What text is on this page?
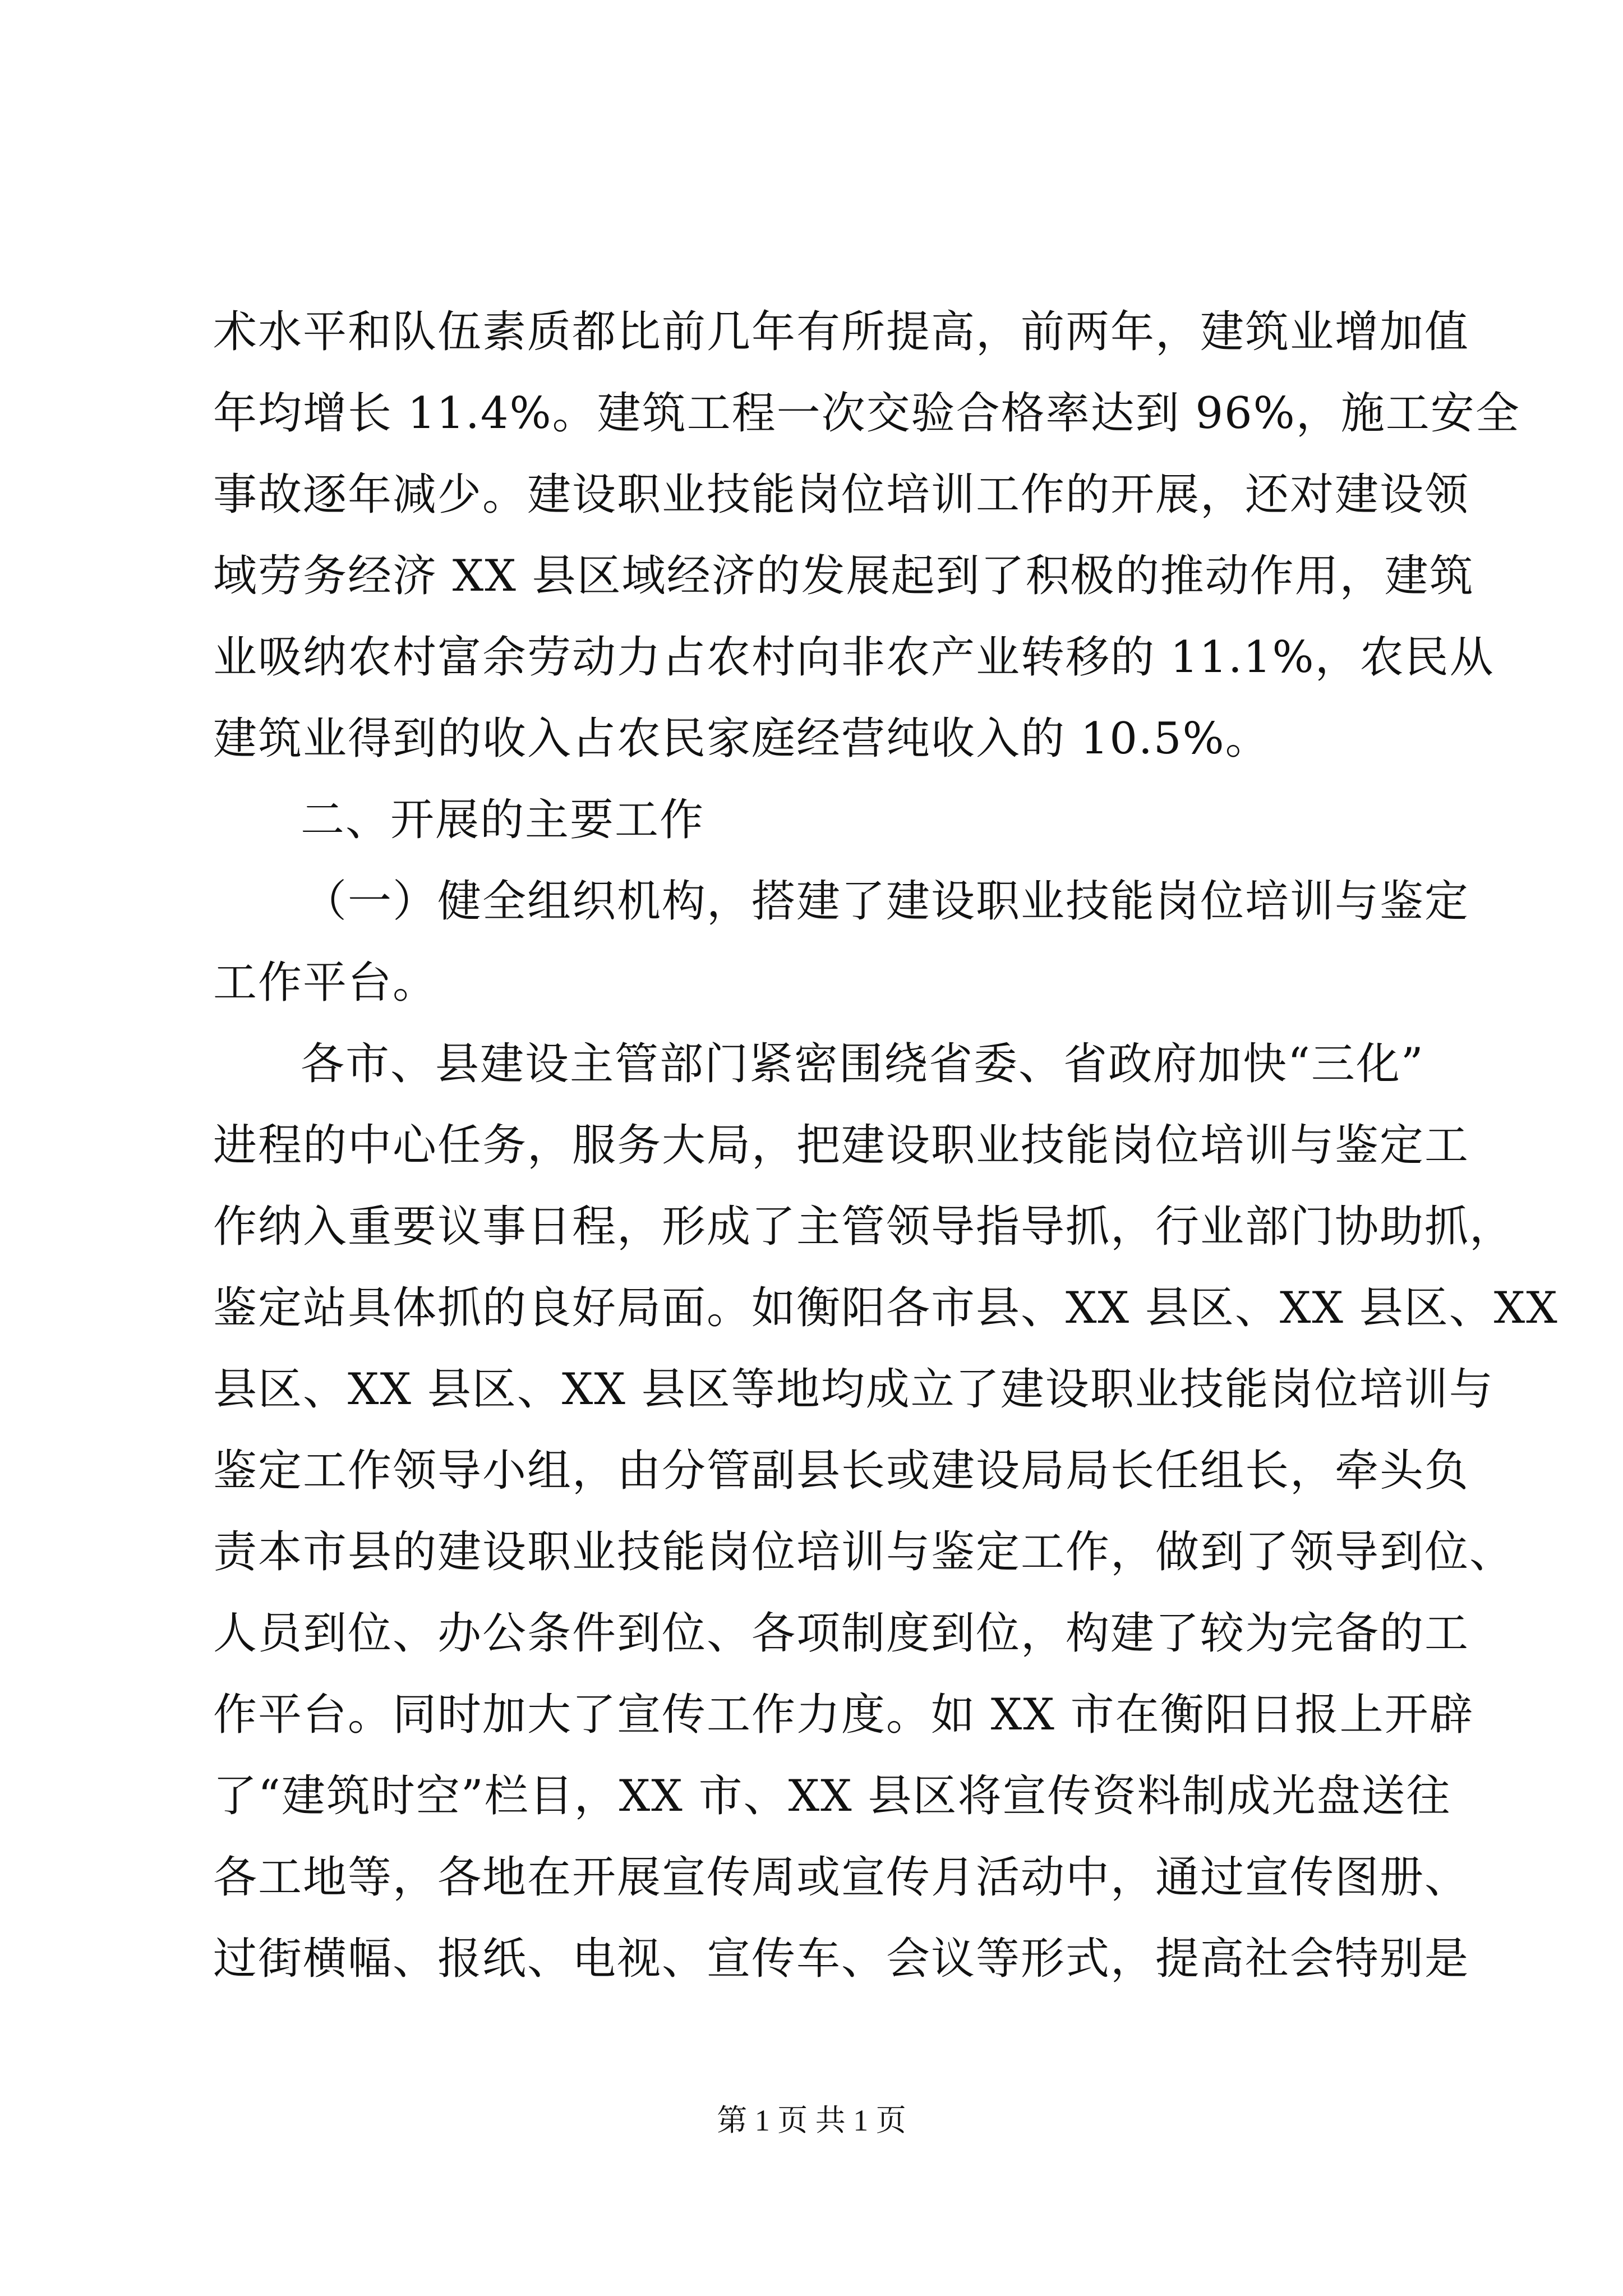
术水平和队伍素质都比前几年有所提高，前两年，建筑业增加值
年均增长 11.4%。建筑工程一次交验合格率达到 96%，施工安全
事故逐年减少。建设职业技能岗位培训工作的开展，还对建设领
域劳务经济 XX 县区域经济的发展起到了积极的推动作用，建筑
业吸纳农村富余劳动力占农村向非农产业转移的 11.1%，农民从
建筑业得到的收入占农民家庭经营纯收入的 10.5%。
二、开展的主要工作
（一）健全组织机构，搭建了建设职业技能岗位培训与鉴定
工作平台。
各市、县建设主管部门紧密围绕省委、省政府加快“三化”
进程的中心任务，服务大局，把建设职业技能岗位培训与鉴定工
作纳入重要议事日程，形成了主管领导指导抓，行业部门协助抓，
鉴定站具体抓的良好局面。如衡阳各市县、XX 县区、XX 县区、XX
县区、XX 县区、XX 县区等地均成立了建设职业技能岗位培训与
鉴定工作领导小组，由分管副县长或建设局局长任组长，牵头负
责本市县的建设职业技能岗位培训与鉴定工作，做到了领导到位、
人员到位、办公条件到位、各项制度到位，构建了较为完备的工
作平台。同时加大了宣传工作力度。如 XX 市在衡阳日报上开辟
了“建筑时空”栏目，XX 市、XX 县区将宣传资料制成光盘送往
各工地等，各地在开展宣传周或宣传月活动中，通过宣传图册、
过街横幅、报纸、电视、宣传车、会议等形式，提高社会特别是
第 1 页 共 1 页
